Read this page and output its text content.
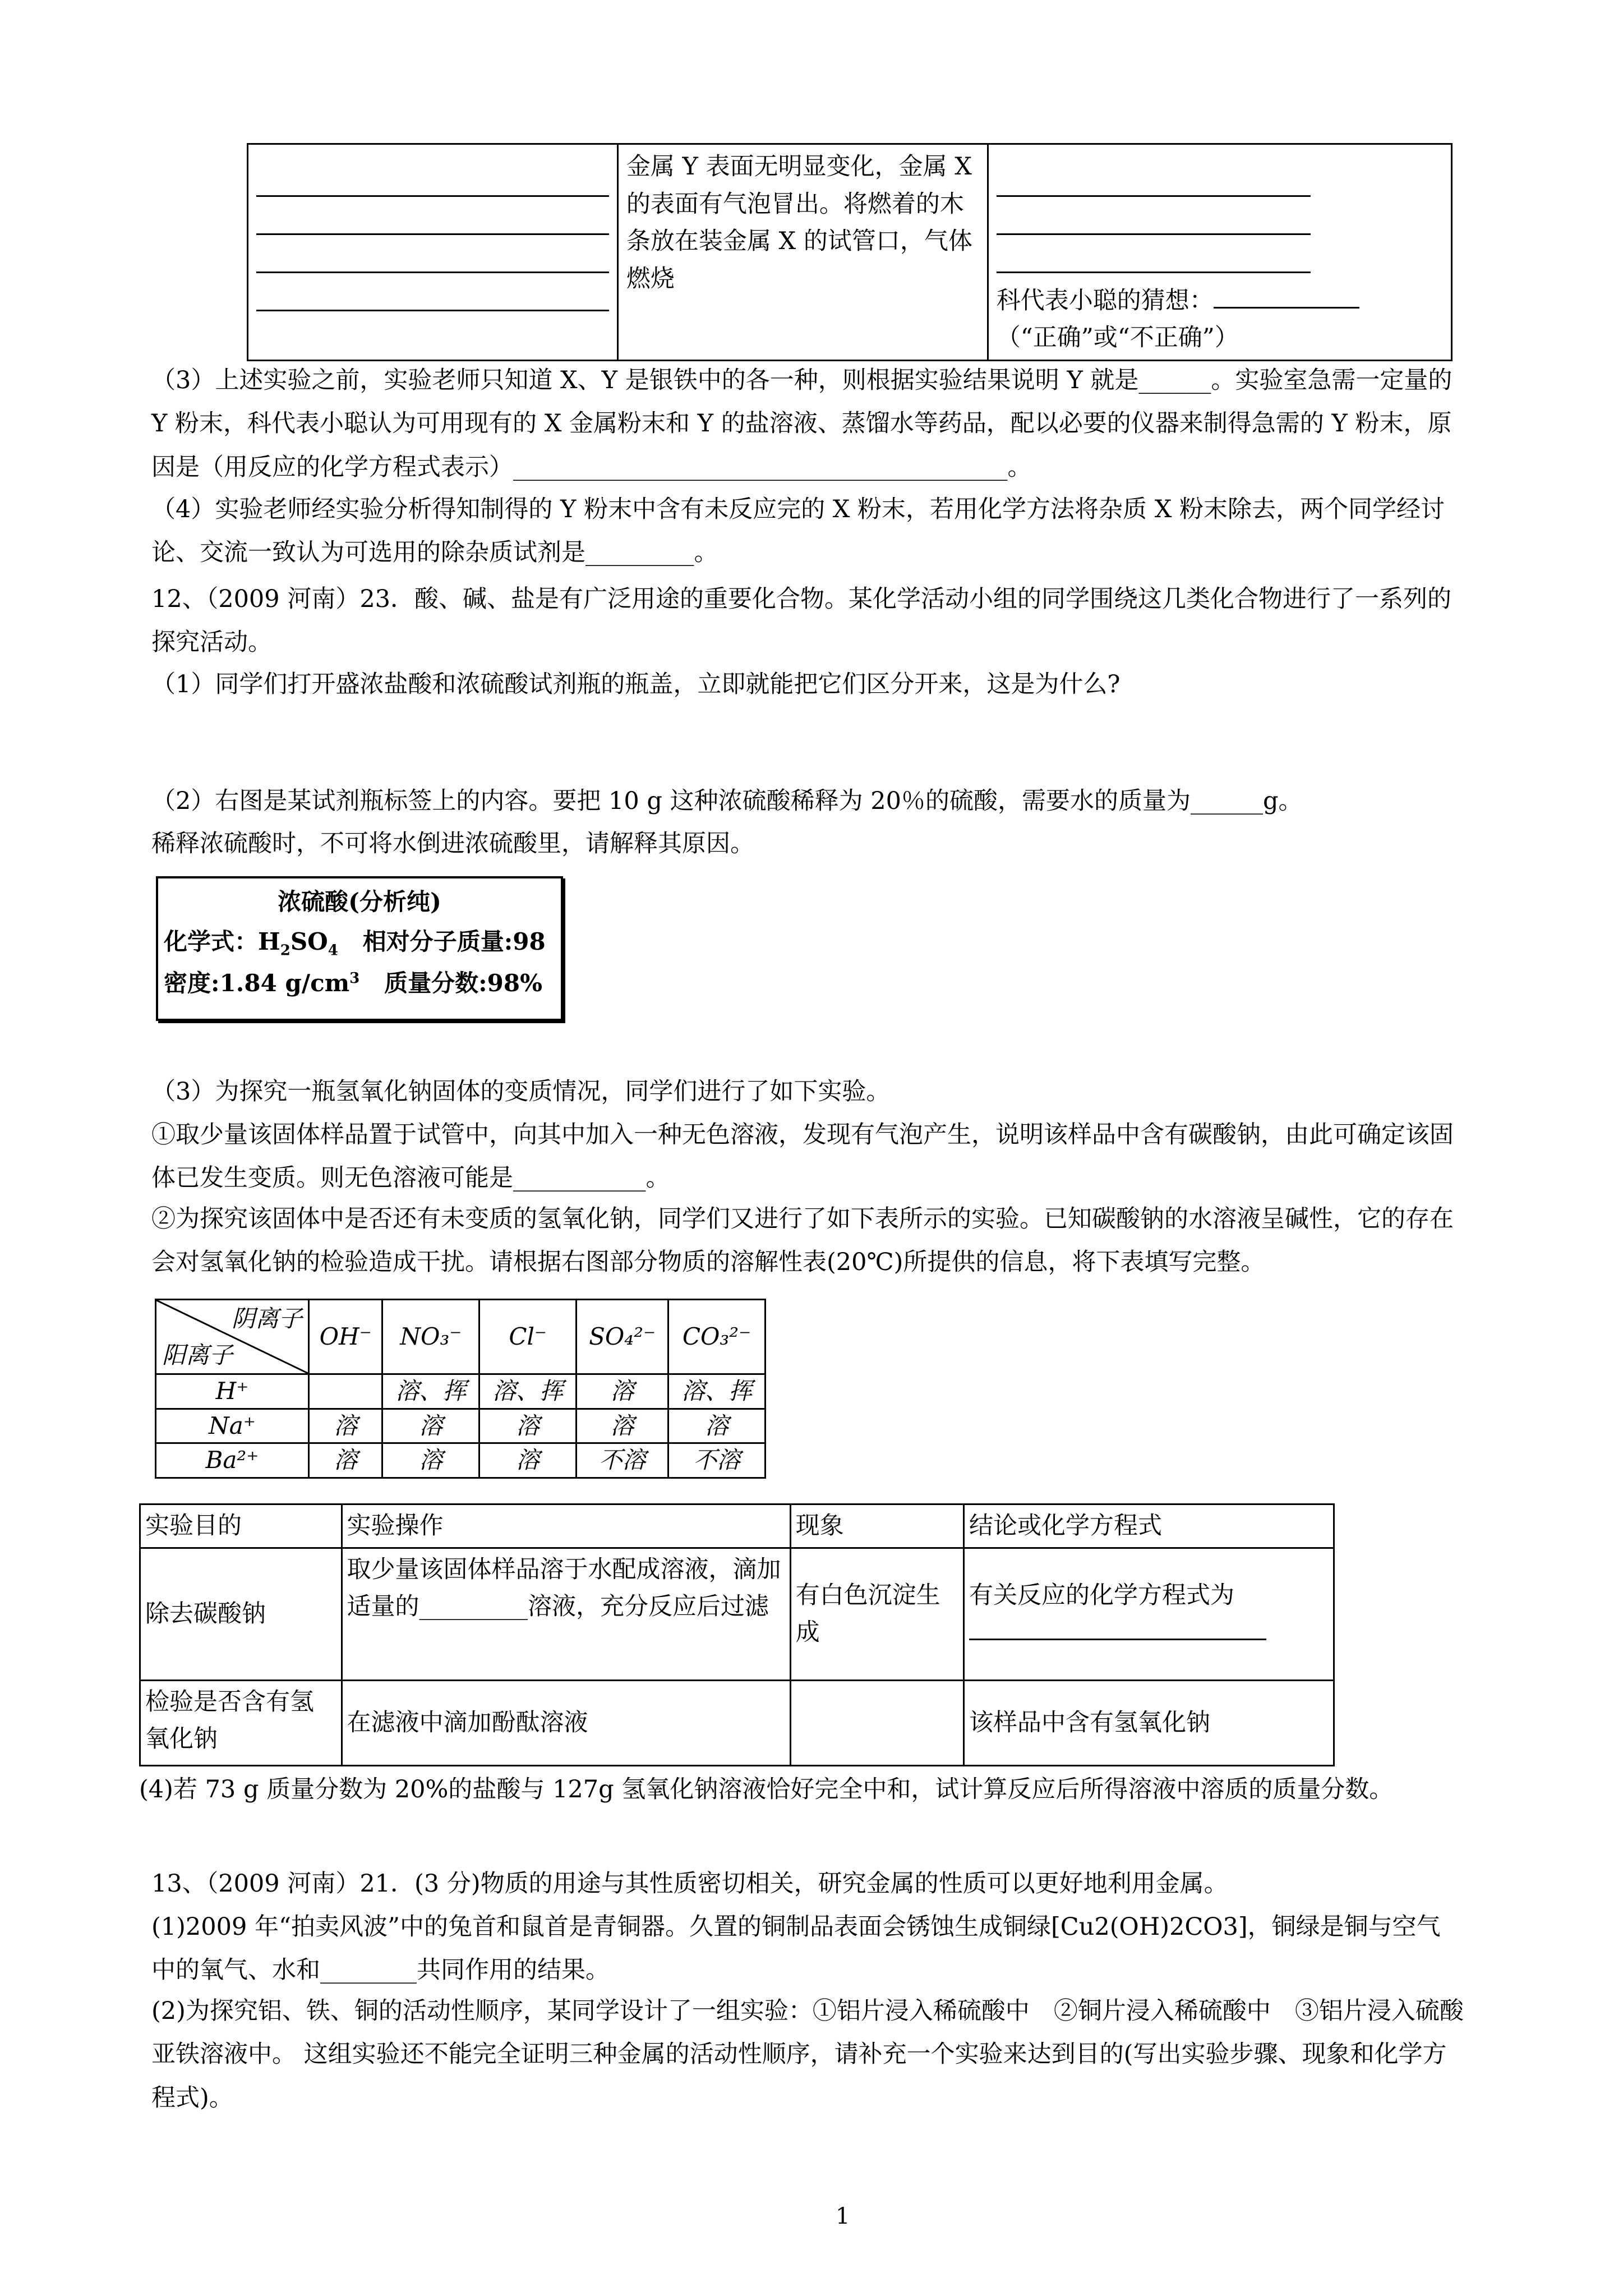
	金属 Y 表面无明显变化，金属 X 的表面有气泡冒出。将燃着的木条放在装金属 X 的试管口，气体燃烧	
科代表小聪的猜想：
（“正确”或“不正确”）

（3）上述实验之前，实验老师只知道 X、Y 是银铁中的各一种，则根据实验结果说明 Y 就是______。实验室急需一定量的 Y 粉末，科代表小聪认为可用现有的 X 金属粉末和 Y 的盐溶液、蒸馏水等药品，配以必要的仪器来制得急需的 Y 粉末，原因是（用反应的化学方程式表示）_________________________________________。

（4）实验老师经实验分析得知制得的 Y 粉末中含有未反应完的 X 粉末，若用化学方法将杂质 X 粉末除去，两个同学经讨论、交流一致认为可选用的除杂质试剂是_________。

12、（2009 河南）23．酸、碱、盐是有广泛用途的重要化合物。某化学活动小组的同学围绕这几类化合物进行了一系列的探究活动。

（1）同学们打开盛浓盐酸和浓硫酸试剂瓶的瓶盖，立即就能把它们区分开来，这是为什么?

（2）右图是某试剂瓶标签上的内容。要把 10 g 这种浓硫酸稀释为 20％的硫酸，需要水的质量为______g。

稀释浓硫酸时，不可将水倒进浓硫酸里，请解释其原因。

浓硫酸(分析纯)
化学式：$H_2SO_4$ 相对分子质量:98
密度:1.84 $g/cm^3$ 质量分数:98%

（3）为探究一瓶氢氧化钠固体的变质情况，同学们进行了如下实验。

①取少量该固体样品置于试管中，向其中加入一种无色溶液，发现有气泡产生，说明该样品中含有碳酸钠，由此可确定该固体已发生变质。则无色溶液可能是___________。

②为探究该固体中是否还有未变质的氢氧化钠，同学们又进行了如下表所示的实验。已知碳酸钠的水溶液呈碱性，它的存在会对氢氧化钠的检验造成干扰。请根据右图部分物质的溶解性表(20℃)所提供的信息，将下表填写完整。

阴离子
阳离子	OH⁻	NO₃⁻	Cl⁻	SO₄²⁻	CO₃²⁻
H⁺		溶、挥	溶、挥	溶	溶、挥
Na⁺	溶	溶	溶	溶	溶
Ba²⁺	溶	溶	溶	不溶	不溶
实验目的	实验操作	现象	结论或化学方程式
除去碳酸钠	取少量该固体样品溶于水配成溶液，滴加适量的_________溶液，充分反应后过滤	有白色沉淀生成	有关反应的化学方程式为

检验是否含有氢氧化钠	在滤液中滴加酚酞溶液		该样品中含有氢氧化钠

(4)若 73 g 质量分数为 20%的盐酸与 127g 氢氧化钠溶液恰好完全中和，试计算反应后所得溶液中溶质的质量分数。

13、（2009 河南）21．(3 分)物质的用途与其性质密切相关，研究金属的性质可以更好地利用金属。

(1)2009 年“拍卖风波”中的兔首和鼠首是青铜器。久置的铜制品表面会锈蚀生成铜绿[Cu2(OH)2CO3]，铜绿是铜与空气中的氧气、水和________共同作用的结果。

(2)为探究铝、铁、铜的活动性顺序，某同学设计了一组实验：①铝片浸入稀硫酸中　②铜片浸入稀硫酸中　③铝片浸入硫酸亚铁溶液中。 这组实验还不能完全证明三种金属的活动性顺序，请补充一个实验来达到目的(写出实验步骤、现象和化学方程式)。

1
